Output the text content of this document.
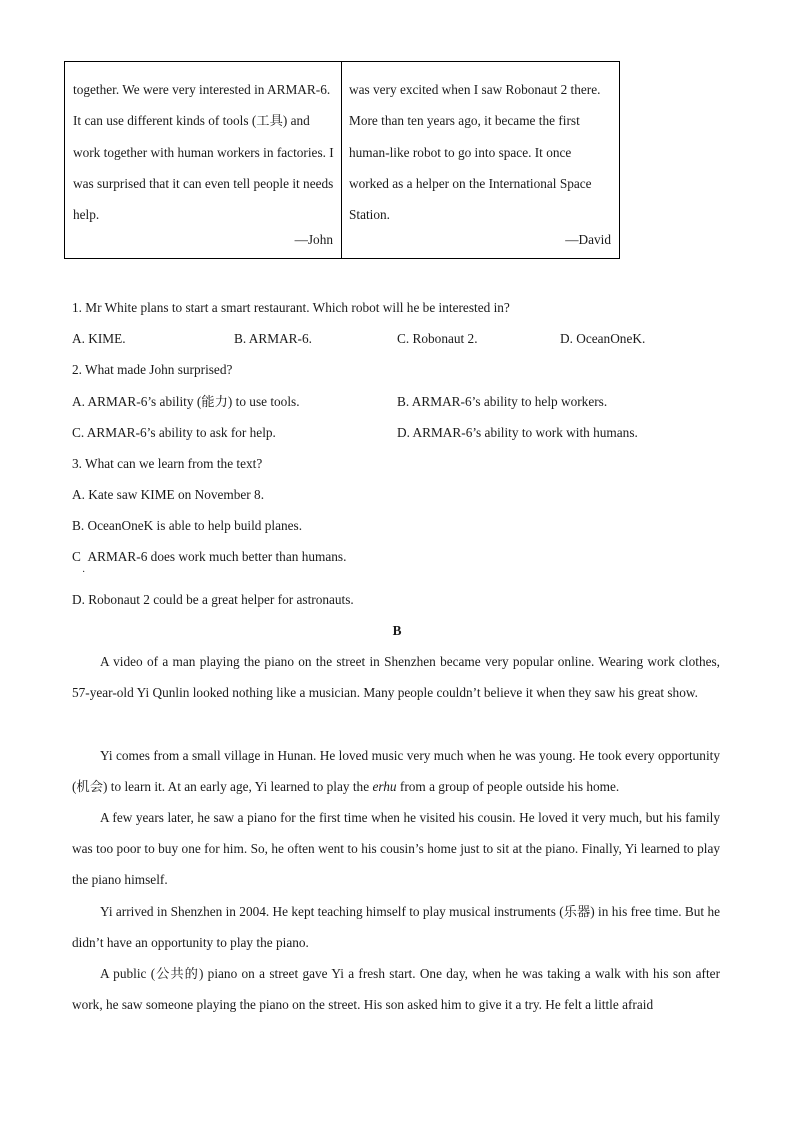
together. We were very interested in ARMAR-6. It can use different kinds of tools (工具) and work together with human workers in factories. I was surprised that it can even tell people it needs help.

—John

was very excited when I saw Robonaut 2 there. More than ten years ago, it became the first human-like robot to go into space. It once worked as a helper on the International Space Station.

—David
1. Mr White plans to start a smart restaurant. Which robot will he be interested in?
A. KIME.	B. ARMAR-6.	C. Robonaut 2.	D. OceanOneK.
2. What made John surprised?
A. ARMAR-6’s ability (能力) to use tools.	B. ARMAR-6’s ability to help workers.
C. ARMAR-6’s ability to ask for help.	D. ARMAR-6’s ability to work with humans.
3. What can we learn from the text?
A. Kate saw KIME on November 8.
B. OceanOneK is able to help build planes.
C  ARMAR-6 does work much better than humans.
·
D. Robonaut 2 could be a great helper for astronauts.
B

A video of a man playing the piano on the street in Shenzhen became very popular online. Wearing work clothes, 57-year-old Yi Qunlin looked nothing like a musician. Many people couldn’t believe it when they saw his great show.

Yi comes from a small village in Hunan. He loved music very much when he was young. He took every opportunity (机会) to learn it. At an early age, Yi learned to play the erhu from a group of people outside his home.

A few years later, he saw a piano for the first time when he visited his cousin. He loved it very much, but his family was too poor to buy one for him. So, he often went to his cousin’s home just to sit at the piano. Finally, Yi learned to play the piano himself.

Yi arrived in Shenzhen in 2004. He kept teaching himself to play musical instruments (乐器) in his free time. But he didn’t have an opportunity to play the piano.

A public (公共的) piano on a street gave Yi a fresh start. One day, when he was taking a walk with his son after work, he saw someone playing the piano on the street. His son asked him to give it a try. He felt a little afraid
